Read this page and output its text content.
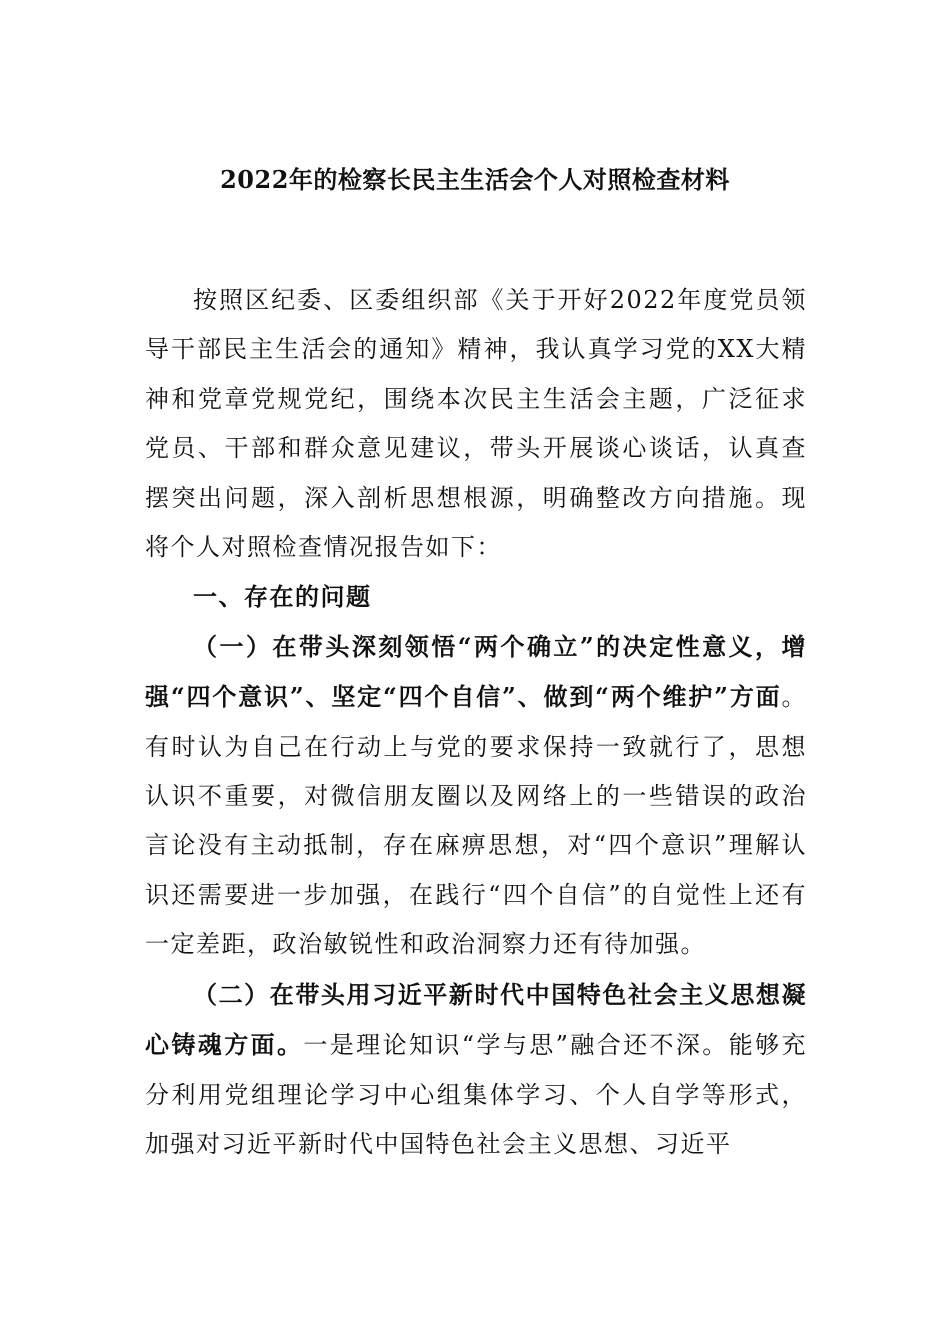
2022年的检察长民主生活会个人对照检查材料

按照区纪委、区委组织部《关于开好2022年度党员领导干部民主生活会的通知》精神，我认真学习党的XX大精神和党章党规党纪，围绕本次民主生活会主题，广泛征求党员、干部和群众意见建议，带头开展谈心谈话，认真查摆突出问题，深入剖析思想根源，明确整改方向措施。现将个人对照检查情况报告如下：

一、存在的问题

（一）在带头深刻领悟“两个确立”的决定性意义，增强“四个意识”、坚定“四个自信”、做到“两个维护”方面。有时认为自己在行动上与党的要求保持一致就行了，思想认识不重要，对微信朋友圈以及网络上的一些错误的政治言论没有主动抵制，存在麻痹思想，对“四个意识”理解认识还需要进一步加强，在践行“四个自信”的自觉性上还有一定差距，政治敏锐性和政治洞察力还有待加强。

（二）在带头用习近平新时代中国特色社会主义思想凝心铸魂方面。一是理论知识“学与思”融合还不深。能够充分利用党组理论学习中心组集体学习、个人自学等形式，加强对习近平新时代中国特色社会主义思想、习近平
